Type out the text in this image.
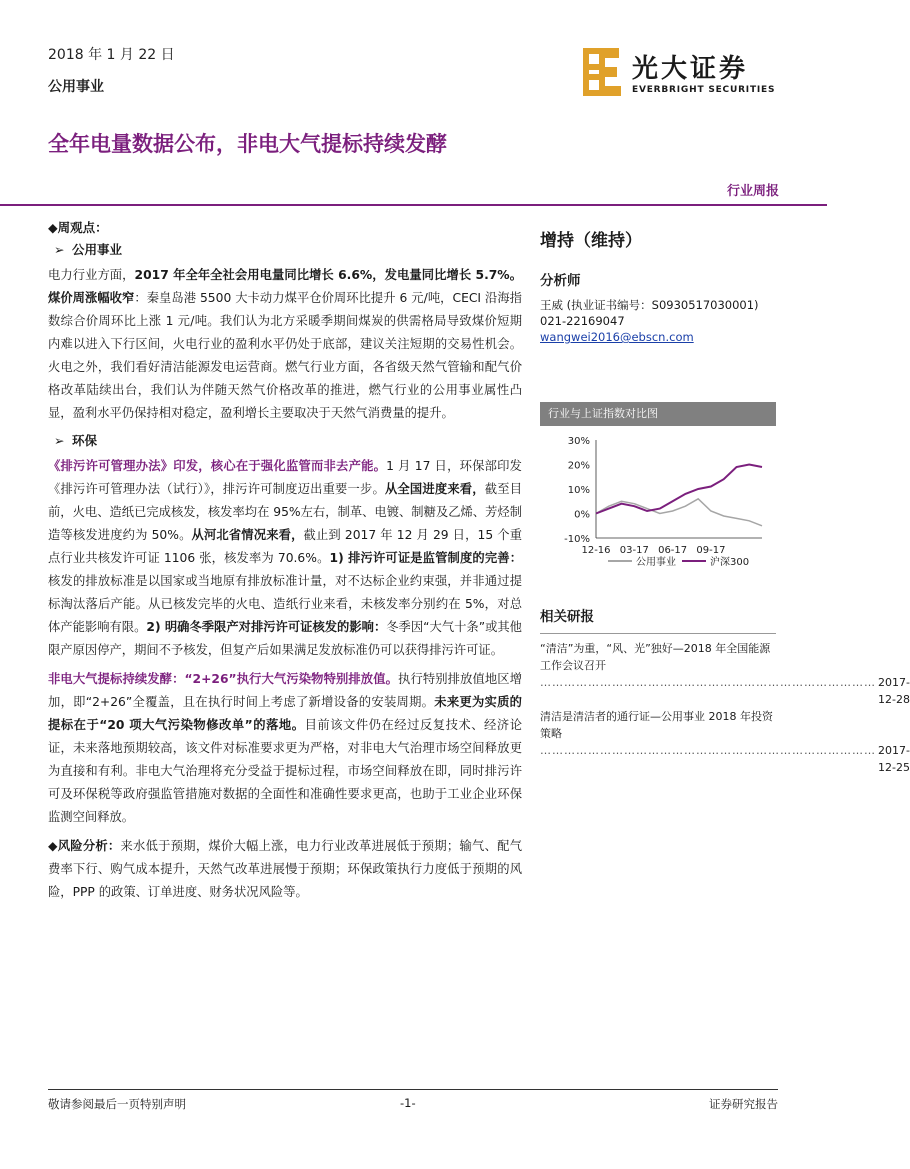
2018 年 1 月 22 日
公用事业
光大证券
EVERBRIGHT SECURITIES
全年电量数据公布，非电大气提标持续发酵
行业周报
◆周观点：
➢ 公用事业

电力行业方面，2017 年全年全社会用电量同比增长 6.6%，发电量同比增长 5.7%。煤价周涨幅收窄：秦皇岛港 5500 大卡动力煤平仓价周环比提升 6 元/吨，CECI 沿海指数综合价周环比上涨 1 元/吨。我们认为北方采暖季期间煤炭的供需格局导致煤价短期内难以进入下行区间，火电行业的盈利水平仍处于底部，建议关注短期的交易性机会。火电之外，我们看好清洁能源发电运营商。燃气行业方面，各省级天然气管输和配气价格改革陆续出台，我们认为伴随天然气价格改革的推进，燃气行业的公用事业属性凸显，盈利水平仍保持相对稳定，盈利增长主要取决于天然气消费量的提升。

➢ 环保

《排污许可管理办法》印发，核心在于强化监管而非去产能。1 月 17 日，环保部印发《排污许可管理办法（试行）》，排污许可制度迈出重要一步。从全国进度来看，截至目前，火电、造纸已完成核发，核发率均在 95%左右，制革、电镀、制糖及乙烯、芳烃制造等核发进度约为 50%。从河北省情况来看，截止到 2017 年 12 月 29 日，15 个重点行业共核发许可证 1106 张，核发率为 70.6%。1) 排污许可证是监管制度的完善：核发的排放标准是以国家或当地原有排放标准计量，对不达标企业约束强，并非通过提标淘汰落后产能。从已核发完毕的火电、造纸行业来看，未核发率分别约在 5%，对总体产能影响有限。2) 明确冬季限产对排污许可证核发的影响：冬季因“大气十条”或其他限产原因停产，期间不予核发，但复产后如果满足发放标准仍可以获得排污许可证。

非电大气提标持续发酵：“2+26”执行大气污染物特别排放值。执行特别排放值地区增加，即“2+26”全覆盖，且在执行时间上考虑了新增设备的安装周期。未来更为实质的提标在于“20 项大气污染物修改单”的落地。目前该文件仍在经过反复技术、经济论证，未来落地预期较高，该文件对标准要求更为严格，对非电大气治理市场空间释放更为直接和有利。非电大气治理将充分受益于提标过程，市场空间释放在即，同时排污许可及环保税等政府强监管措施对数据的全面性和准确性要求更高，也助于工业企业环保监测空间释放。

◆风险分析：来水低于预期，煤价大幅上涨，电力行业改革进展低于预期；输气、配气费率下行、购气成本提升，天然气改革进展慢于预期；环保政策执行力度低于预期的风险，PPP 的政策、订单进度、财务状况风险等。

增持（维持）
分析师
王威 (执业证书编号：S0930517030001)
021-22169047
wangwei2016@ebscn.com
行业与上证指数对比图
30%
20%
10%
0%
-10%
12-16 03-17 06-17 09-17
公用事业	沪深300
相关研报
“清洁”为重，“风、光”独好—2018 年全国能源工作会议召开
………………………………………………………………………… 2017-12-28
清洁是清洁者的通行证—公用事业 2018 年投资策略
………………………………………………………………………… 2017-12-25
敬请参阅最后一页特别声明	-1-	证券研究报告
